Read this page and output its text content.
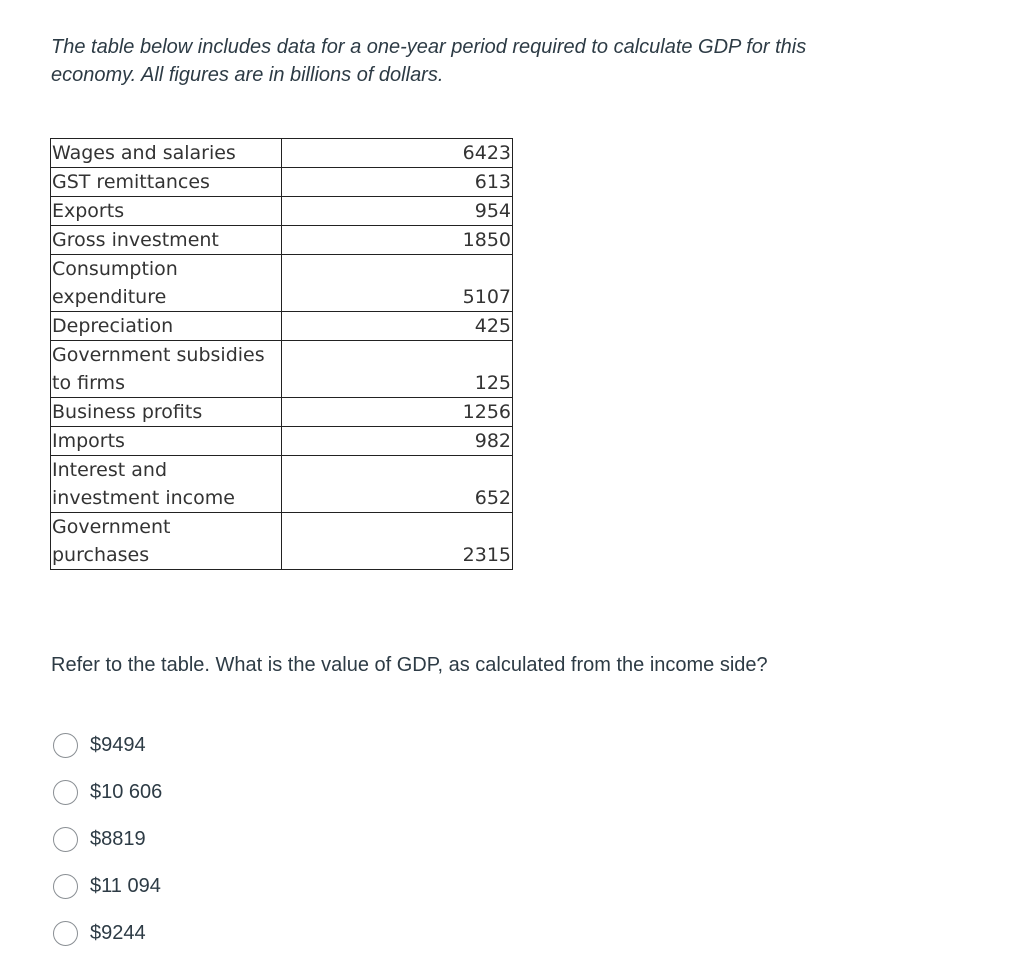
The table below includes data for a one-year period required to calculate GDP for this
economy. All figures are in billions of dollars.

Wages and salaries	6423
GST remittances	613
Exports	954
Gross investment	1850
Consumption
expenditure	5107
Depreciation	425
Government subsidies
to firms	125
Business profits	1256
Imports	982
Interest and
investment income	652
Government
purchases	2315

Refer to the table. What is the value of GDP, as calculated from the income side?

$9494
$10 606
$8819
$11 094
$9244
